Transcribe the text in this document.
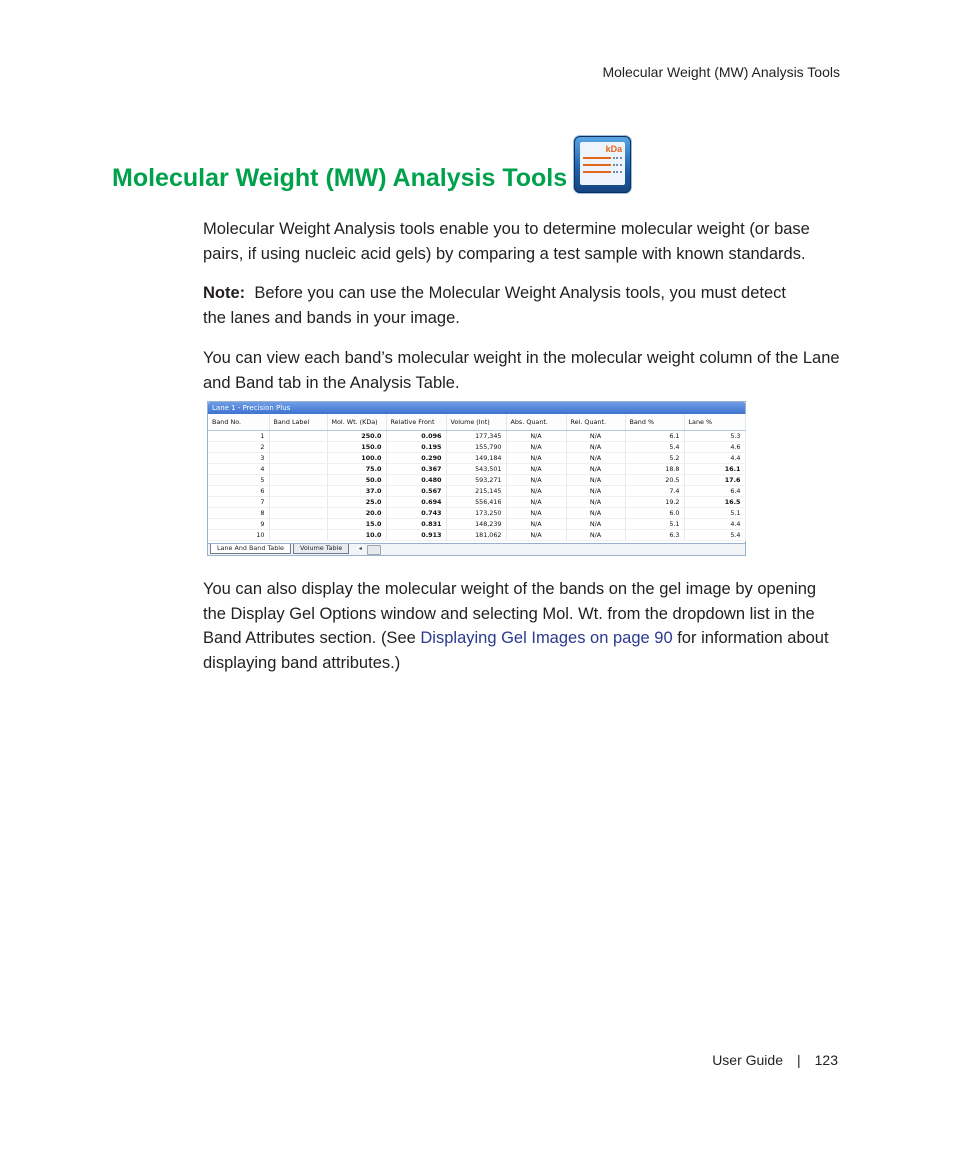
Molecular Weight (MW) Analysis Tools
Molecular Weight (MW) Analysis Tools
kDa

Molecular Weight Analysis tools enable you to determine molecular weight (or base pairs, if using nucleic acid gels) by comparing a test sample with known standards.

Note: Before you can use the Molecular Weight Analysis tools, you must detect the lanes and bands in your image.

You can view each band’s molecular weight in the molecular weight column of the Lane and Band tab in the Analysis Table.

Lane 1 - Precision Plus
Band No.	Band Label	Mol. Wt. (KDa)	Relative Front	Volume (Int)	Abs. Quant.	Rel. Quant.	Band %	Lane %
1		250.0	0.096	177,345	N/A	N/A	6.1	5.3
2		150.0	0.195	155,790	N/A	N/A	5.4	4.6
3		100.0	0.290	149,184	N/A	N/A	5.2	4.4
4		75.0	0.367	543,501	N/A	N/A	18.8	16.1
5		50.0	0.480	593,271	N/A	N/A	20.5	17.6
6		37.0	0.567	215,145	N/A	N/A	7.4	6.4
7		25.0	0.694	556,416	N/A	N/A	19.2	16.5
8		20.0	0.743	173,250	N/A	N/A	6.0	5.1
9		15.0	0.831	148,239	N/A	N/A	5.1	4.4
10		10.0	0.913	181,062	N/A	N/A	6.3	5.4
Lane And Band Table	Volume Table	◂

You can also display the molecular weight of the bands on the gel image by opening the Display Gel Options window and selecting Mol. Wt. from the dropdown list in the Band Attributes section. (See Displaying Gel Images on page 90 for information about displaying band attributes.)

User Guide | 123
